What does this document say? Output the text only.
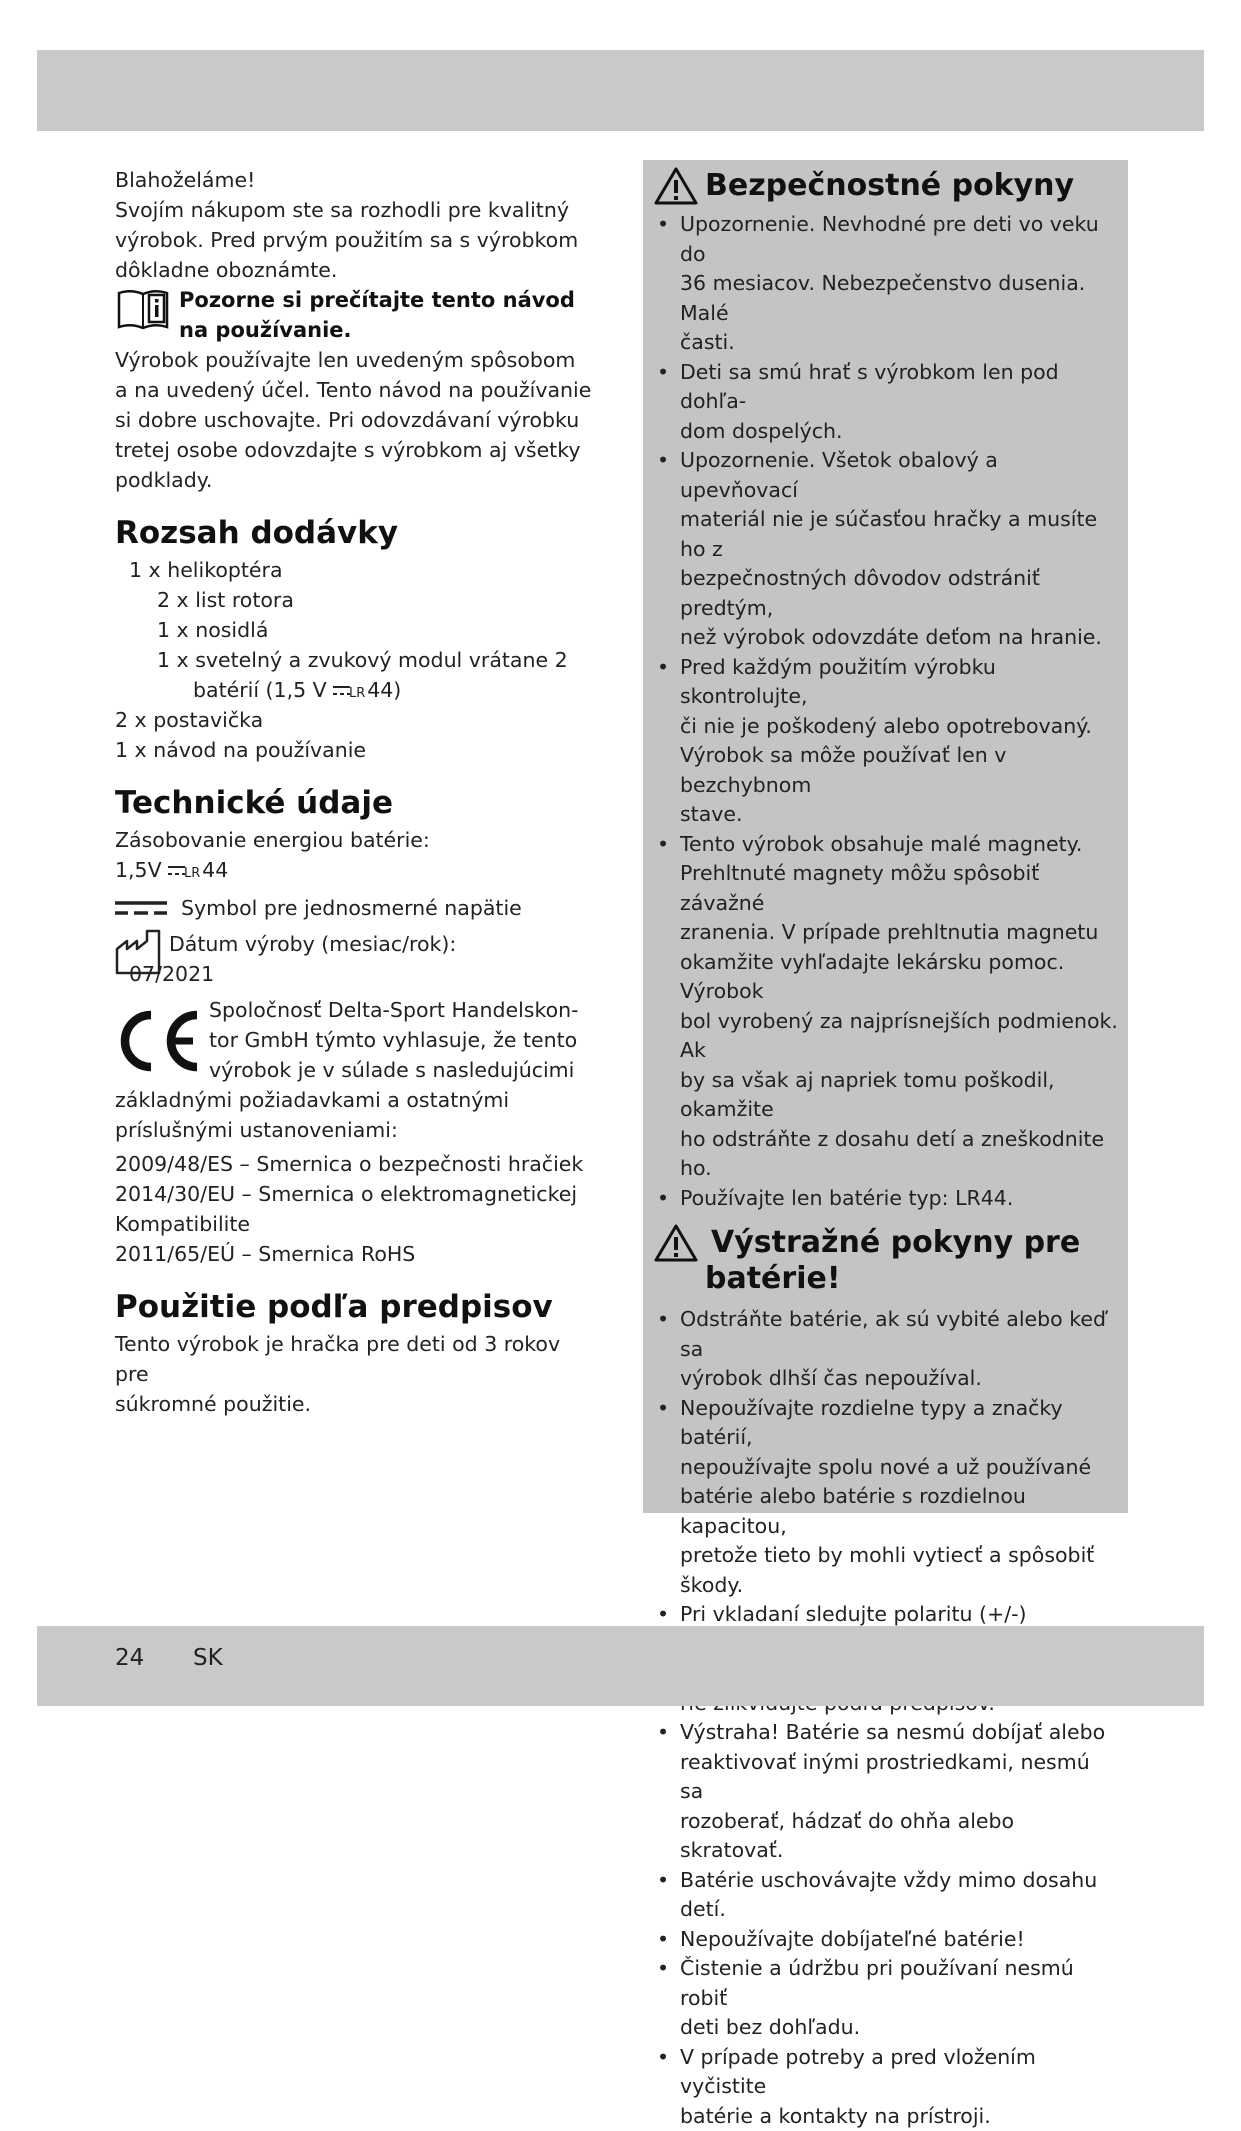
Blahoželáme!

Svojím nákupom ste sa rozhodli pre kvalitný

výrobok. Pred prvým použitím sa s výrobkom

dôkladne oboznámte.

Pozorne si prečítajte tento návod
na používanie.

Výrobok používajte len uvedeným spôsobom

a na uvedený účel. Tento návod na používanie

si dobre uschovajte. Pri odovzdávaní výrobku

tretej osobe odovzdajte s výrobkom aj všetky

podklady.

Rozsah dodávky

1 x helikoptéra

2 x list rotora

1 x nosidlá

1 x svetelný a zvukový modul vrátane 2

batérií (1,5 V LR 44)

2 x postavička

1 x návod na používanie

Technické údaje

Zásobovanie energiou batérie:

1,5V LR 44

Symbol pre jednosmerné napätie
Dátum výroby (mesiac/rok):
07/2021
Spoločnosť Delta-Sport Handelskon-
tor GmbH týmto vyhlasuje, že tento
výrobok je v súlade s nasledujúcimi

základnými požiadavkami a ostatnými

príslušnými ustanoveniami:

2009/48/ES – Smernica o bezpečnosti hračiek

2014/30/EU – Smernica o elektromagnetickej

Kompatibilite

2011/65/EÚ – Smernica RoHS

Použitie podľa predpisov

Tento výrobok je hračka pre deti od 3 rokov pre

súkromné použitie.

Bezpečnostné pokyny
• Upozornenie. Nevhodné pre deti vo veku do
36 mesiacov. Nebezpečenstvo dusenia. Malé
časti.
• Deti sa smú hrať s výrobkom len pod dohľa-
dom dospelých.
• Upozornenie. Všetok obalový a upevňovací
materiál nie je súčasťou hračky a musíte ho z
bezpečnostných dôvodov odstrániť predtým,
než výrobok odovzdáte deťom na hranie.
• Pred každým použitím výrobku skontrolujte,
či nie je poškodený alebo opotrebovaný.
Výrobok sa môže používať len v bezchybnom
stave.
• Tento výrobok obsahuje malé magnety.
Prehltnuté magnety môžu spôsobiť závažné
zranenia. V prípade prehltnutia magnetu
okamžite vyhľadajte lekársku pomoc. Výrobok
bol vyrobený za najprísnejších podmienok. Ak
by sa však aj napriek tomu poškodil, okamžite
ho odstráňte z dosahu detí a zneškodnite ho.
• Používajte len batérie typ: LR44.
Výstražné pokyny pre
batérie!
• Odstráňte batérie, ak sú vybité alebo keď sa
výrobok dlhší čas nepoužíval.
• Nepoužívajte rozdielne typy a značky batérií,
nepoužívajte spolu nové a už používané
batérie alebo batérie s rozdielnou kapacitou,
pretože tieto by mohli vytiecť a spôsobiť
škody.
• Pri vkladaní sledujte polaritu (+/-)
•
• Výstraha! Batérie sa nesmú dobíjať alebo
reaktivovať inými prostriedkami, nesmú sa
rozoberať, hádzať do ohňa alebo skratovať.
• Batérie uschovávajte vždy mimo dosahu detí.
• Nepoužívajte dobíjateľné batérie!
• Čistenie a údržbu pri používaní nesmú robiť
deti bez dohľadu.
• V prípade potreby a pred vložením vyčistite
batérie a kontakty na prístroji.
24 SK
